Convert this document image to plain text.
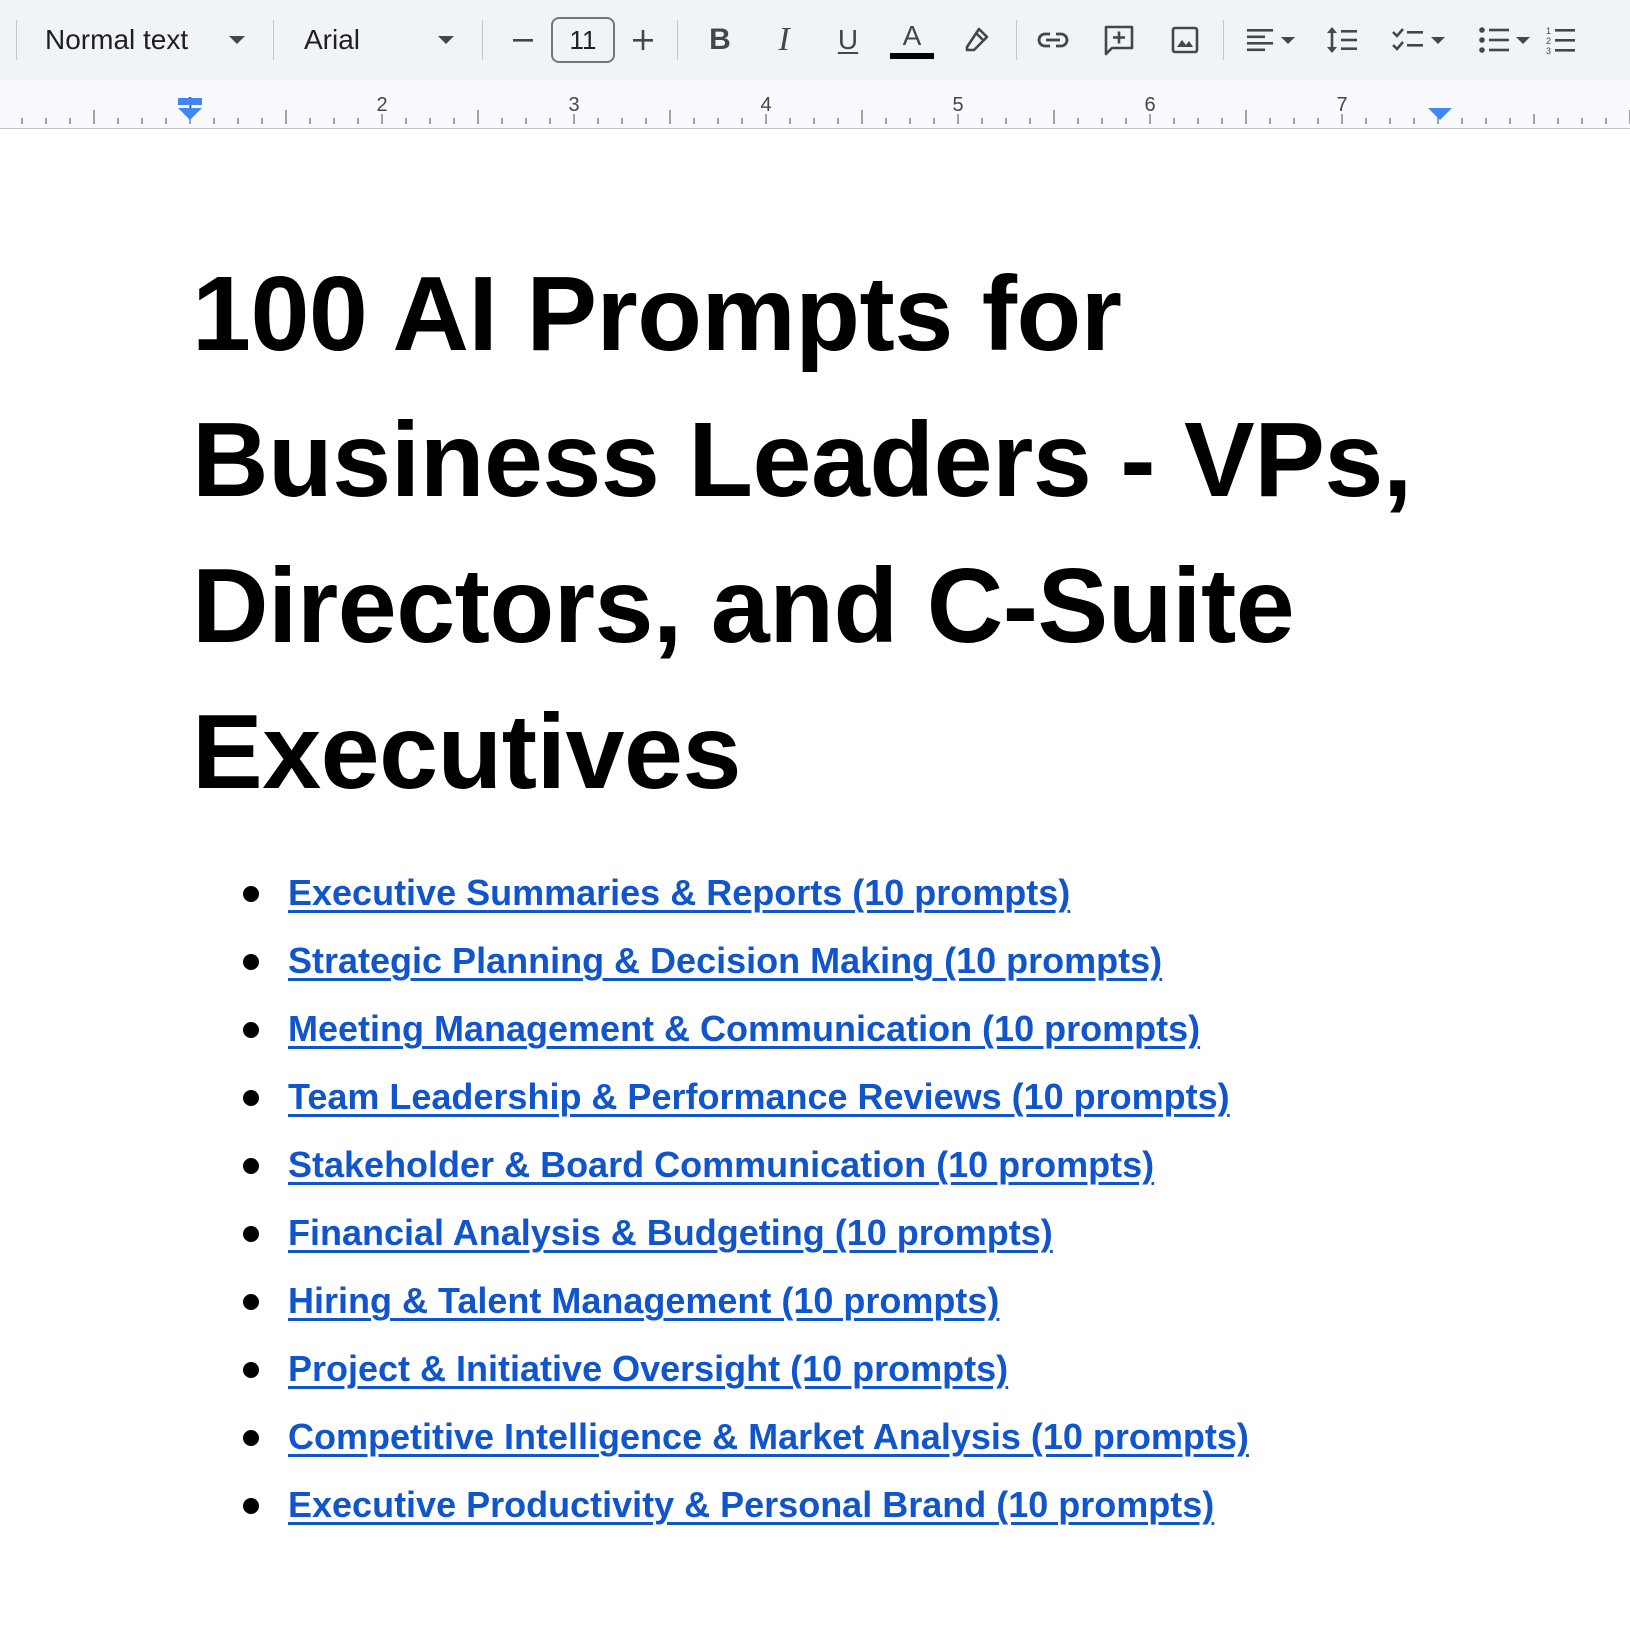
Normal text	Arial	11	B I U A	1
2
3
2	3	4	5	6	7
100 AI Prompts for Business Leaders - VPs, Directors, and C-Suite Executives
Executive Summaries & Reports (10 prompts)
Strategic Planning & Decision Making (10 prompts)
Meeting Management & Communication (10 prompts)
Team Leadership & Performance Reviews (10 prompts)
Stakeholder & Board Communication (10 prompts)
Financial Analysis & Budgeting (10 prompts)
Hiring & Talent Management (10 prompts)
Project & Initiative Oversight (10 prompts)
Competitive Intelligence & Market Analysis (10 prompts)
Executive Productivity & Personal Brand (10 prompts)
